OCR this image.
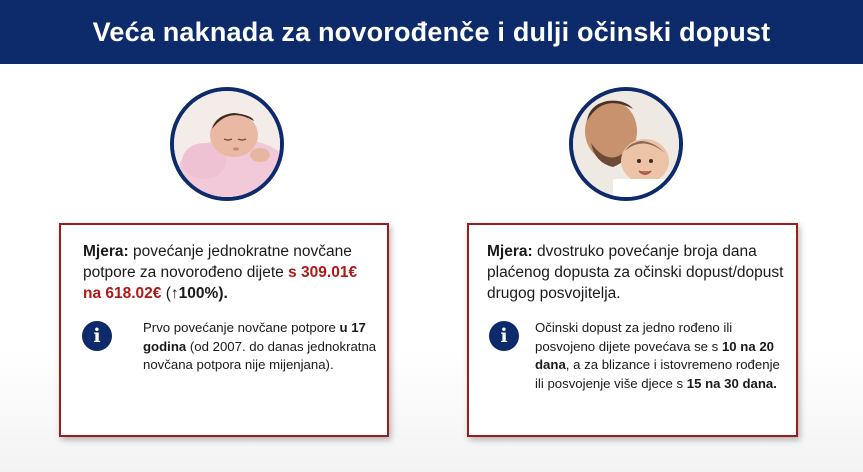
Veća naknada za novorođenče i dulji očinski dopust
Mjera: povećanje jednokratne novčane potpore za novorođeno dijete s 309.01€ na 618.02€ (↑100%).
i	Prvo povećanje novčane potpore u 17 godina (od 2007. do danas jednokratna novčana potpora nije mijenjana).
Mjera: dvostruko povećanje broja dana plaćenog dopusta za očinski dopust/dopust drugog posvojitelja.
i Očinski dopust za jedno rođeno ili posvojeno dijete povećava se s 10 na 20 dana, a za blizance i istovremeno rođenje ili posvojenje više djece s 15 na 30 dana.
